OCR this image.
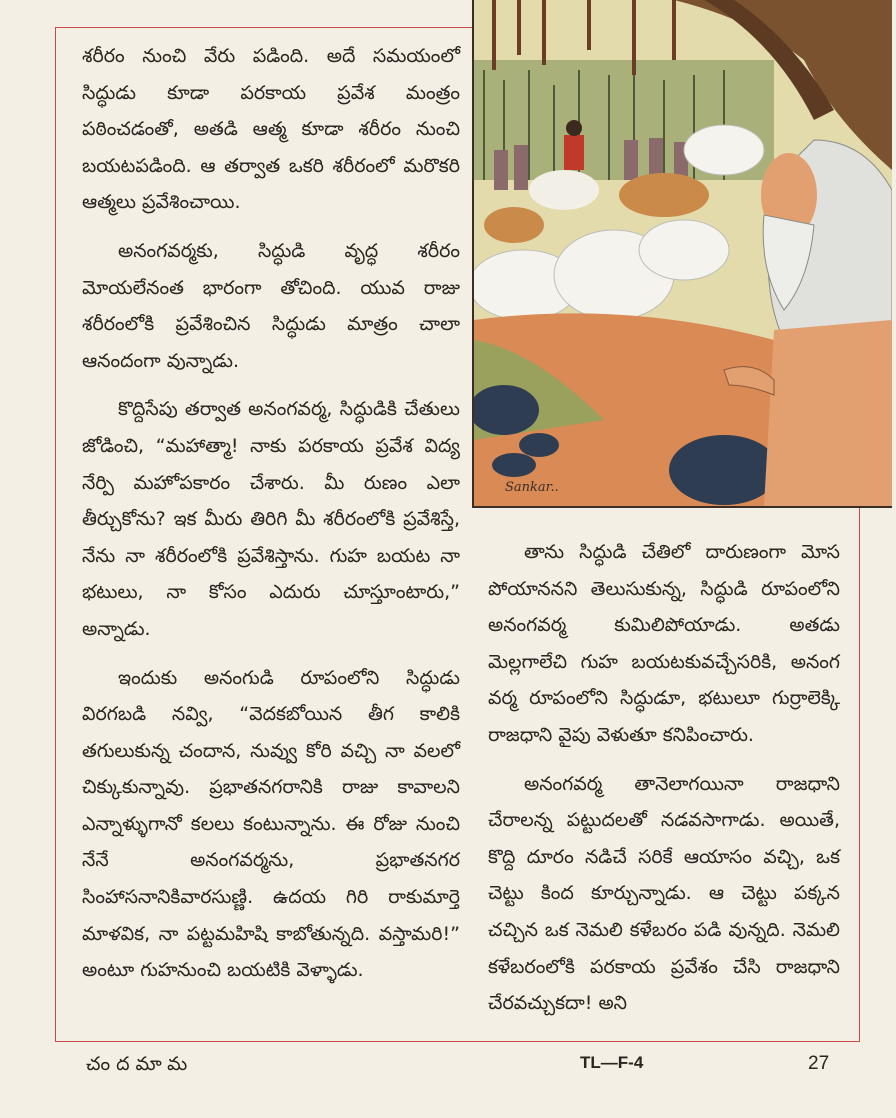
శరీరం నుంచి వేరు పడింది. అదే సమయంలో సిద్ధుడు కూడా పరకాయ ప్రవేశ మంత్రం పఠించడంతో, అతడి ఆత్మ కూడా శరీరం నుంచి బయటపడింది. ఆ తర్వాత ఒకరి శరీరంలో మరొకరి ఆత్మలు ప్రవేశించాయి.

అనంగవర్మకు, సిద్ధుడి వృద్ధ శరీరం మోయలేనంత భారంగా తోచింది. యువ రాజు శరీరంలోకి ప్రవేశించిన సిద్ధుడు మాత్రం చాలా ఆనందంగా వున్నాడు.

కొద్దిసేపు తర్వాత అనంగవర్మ, సిద్ధుడికి చేతులు జోడించి, “మహాత్మా! నాకు పరకాయ ప్రవేశ విద్య నేర్పి మహోపకారం చేశారు. మీ రుణం ఎలా తీర్చుకోను? ఇక మీరు తిరిగి మీ శరీరంలోకి ప్రవేశిస్తే, నేను నా శరీరంలోకి ప్రవేశిస్తాను. గుహ బయట నా భటులు, నా కోసం ఎదురు చూస్తూంటారు,” అన్నాడు.

ఇందుకు అనంగుడి రూపంలోని సిద్ధుడు విరగబడి నవ్వి, “వెదకబోయిన తీగ కాలికి తగులుకున్న చందాన, నువ్వు కోరి వచ్చి నా వలలో చిక్కుకున్నావు. ప్రభాతనగరానికి రాజు కావాలని ఎన్నాళ్ళుగానో కలలు కంటున్నాను. ఈ రోజు నుంచి నేనే అనంగవర్మను, ప్రభాతనగర సింహాసనానికివారసుణ్ణి. ఉదయ గిరి రాకుమార్తె మాళవిక, నా పట్టమహిషి కాబోతున్నది. వస్తామరి!” అంటూ గుహనుంచి బయటికి వెళ్ళాడు.

Sankar..

తాను సిద్ధుడి చేతిలో దారుణంగా మోస పోయాననని తెలుసుకున్న, సిద్ధుడి రూపంలోని అనంగవర్మ కుమిలిపోయాడు. అతడు మెల్లగాలేచి గుహ బయటకువచ్చేసరికి, అనంగ వర్మ రూపంలోని సిద్ధుడూ, భటులూ గుర్రాలెక్కి రాజధాని వైపు వెళుతూ కనిపించారు.

అనంగవర్మ తానెలాగయినా రాజధాని చేరాలన్న పట్టుదలతో నడవసాగాడు. అయితే, కొద్ది దూరం నడిచే సరికే ఆయాసం వచ్చి, ఒక చెట్టు కింద కూర్చున్నాడు. ఆ చెట్టు పక్కన చచ్చిన ఒక నెమలి కళేబరం పడి వున్నది. నెమలి కళేబరంలోకి పరకాయ ప్రవేశం చేసి రాజధాని చేరవచ్చుకదా! అని

చందమామ	TL—F-4	27
